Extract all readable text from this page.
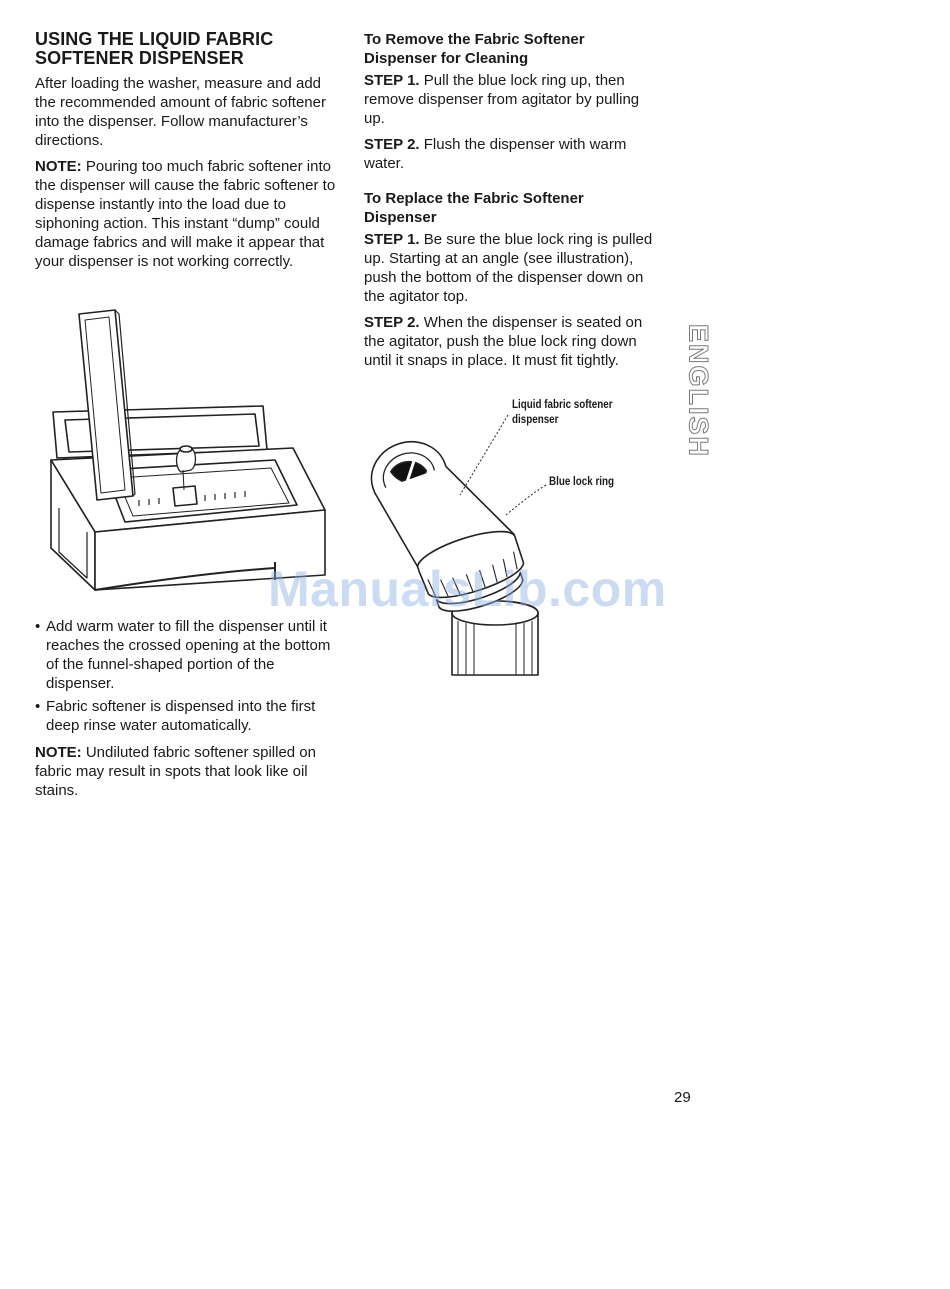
USING THE LIQUID FABRIC
SOFTENER DISPENSER

After loading the washer, measure and add the recommended amount of fabric softener into the dispenser. Follow manufacturer’s directions.

NOTE: Pouring too much fabric softener into the dispenser will cause the fabric softener to dispense instantly into the load due to siphoning action. This instant “dump” could damage fabrics and will make it appear that your dispenser is not working correctly.

• Add warm water to fill the dispenser until it reaches the crossed opening at the bottom of the funnel-shaped portion of the dispenser.
• Fabric softener is dispensed into the first deep rinse water automatically.

NOTE: Undiluted fabric softener spilled on fabric may result in spots that look like oil stains.

To Remove the Fabric Softener
Dispenser for Cleaning

STEP 1. Pull the blue lock ring up, then remove dispenser from agitator by pulling up.

STEP 2. Flush the dispenser with warm water.

To Replace the Fabric Softener
Dispenser

STEP 1. Be sure the blue lock ring is pulled up. Starting at an angle (see illustration), push the bottom of the dispenser down on the agitator top.

STEP 2. When the dispenser is seated on the agitator, push the blue lock ring down until it snaps in place. It must fit tightly.

Liquid fabric softener
dispenser
Blue lock ring
ENGLISH
ManualsLib.com
29
